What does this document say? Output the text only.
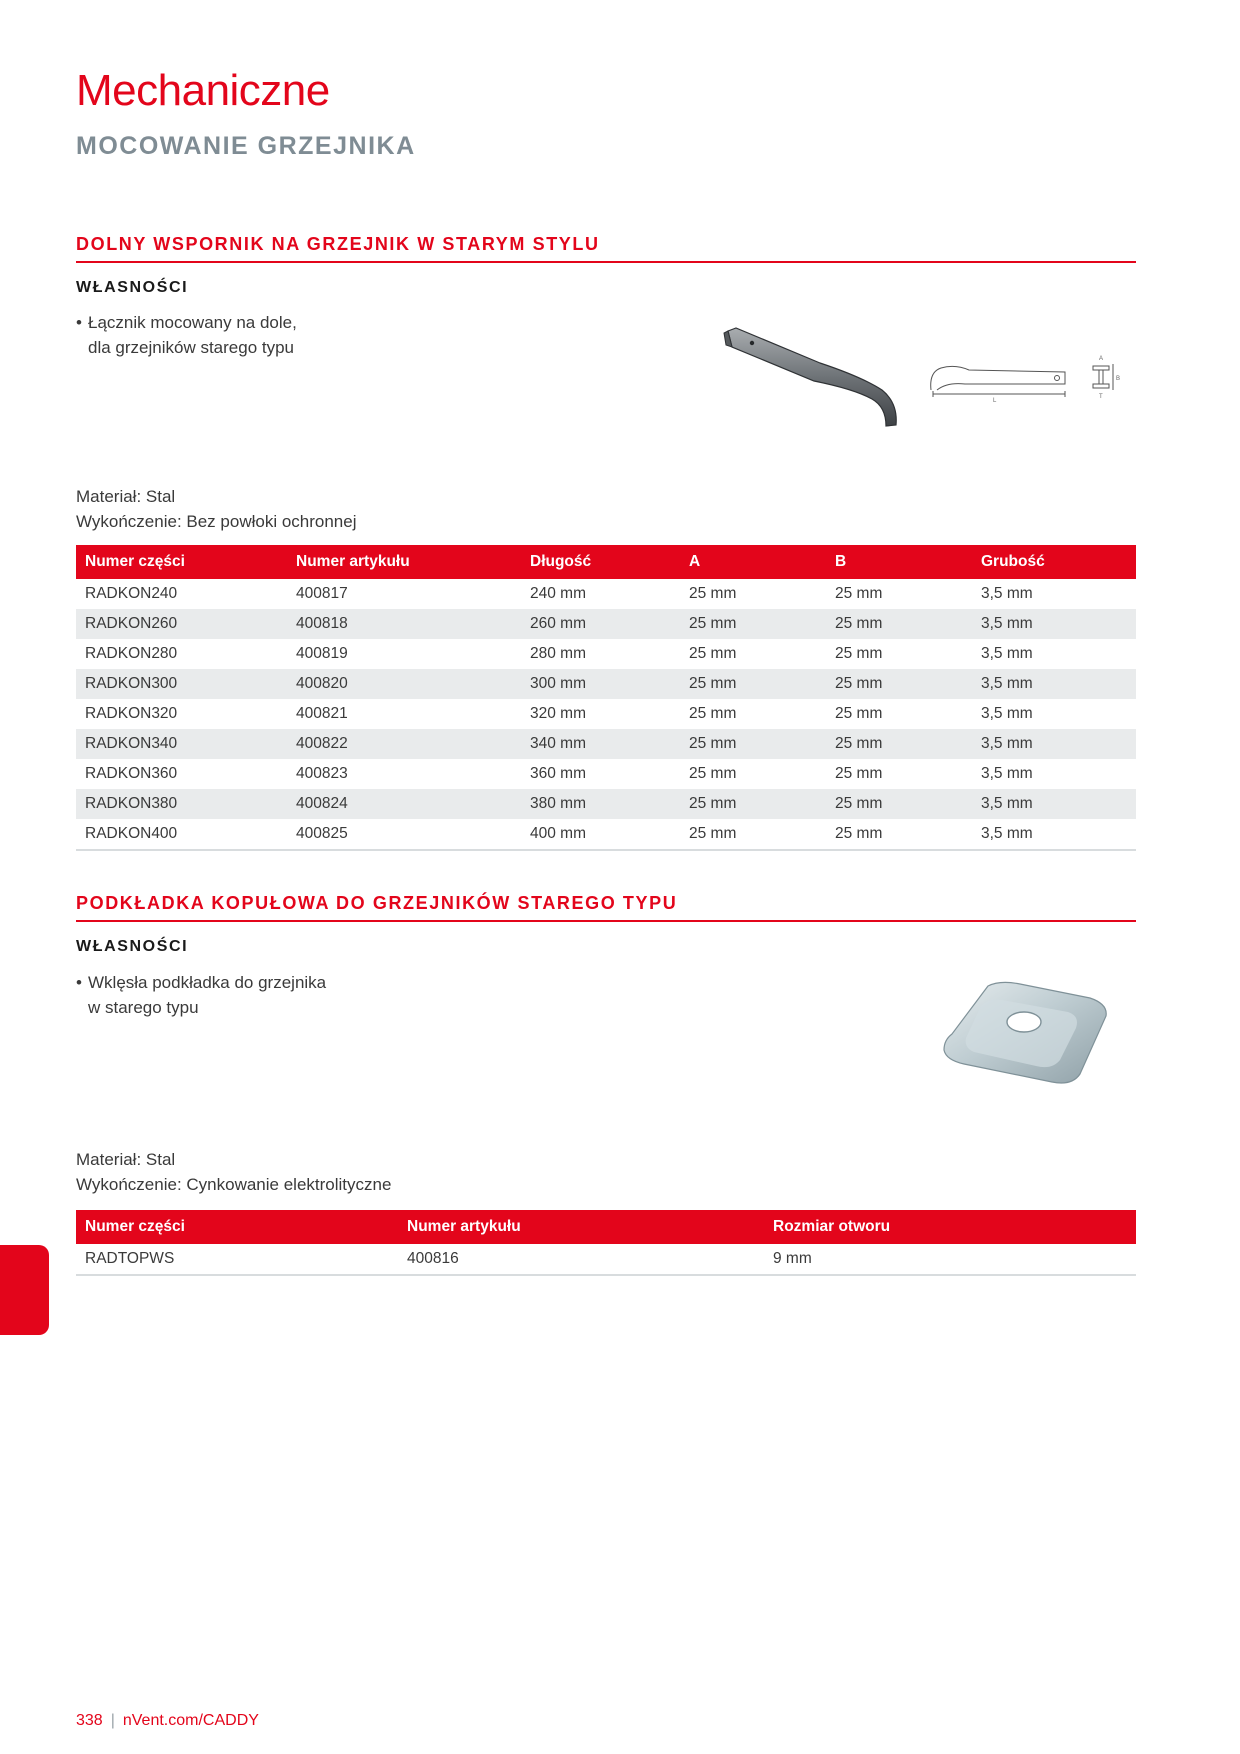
Mechaniczne
MOCOWANIE GRZEJNIKA
DOLNY WSPORNIK NA GRZEJNIK W STARYM STYLU
WŁASNOŚCI
• Łącznik mocowany na dole,
dla grzejników starego typu
L
A
B
T
Materiał: Stal
Wykończenie: Bez powłoki ochronnej
Numer części	Numer artykułu	Długość	A	B	Grubość
RADKON240	400817	240 mm	25 mm	25 mm	3,5 mm
RADKON260	400818	260 mm	25 mm	25 mm	3,5 mm
RADKON280	400819	280 mm	25 mm	25 mm	3,5 mm
RADKON300	400820	300 mm	25 mm	25 mm	3,5 mm
RADKON320	400821	320 mm	25 mm	25 mm	3,5 mm
RADKON340	400822	340 mm	25 mm	25 mm	3,5 mm
RADKON360	400823	360 mm	25 mm	25 mm	3,5 mm
RADKON380	400824	380 mm	25 mm	25 mm	3,5 mm
RADKON400	400825	400 mm	25 mm	25 mm	3,5 mm
PODKŁADKA KOPUŁOWA DO GRZEJNIKÓW STAREGO TYPU
WŁASNOŚCI
• Wklęsła podkładka do grzejnika
w starego typu
Materiał: Stal
Wykończenie: Cynkowanie elektrolityczne
Numer części	Numer artykułu	Rozmiar otworu
RADTOPWS	400816	9 mm
338 | nVent.com/CADDY
